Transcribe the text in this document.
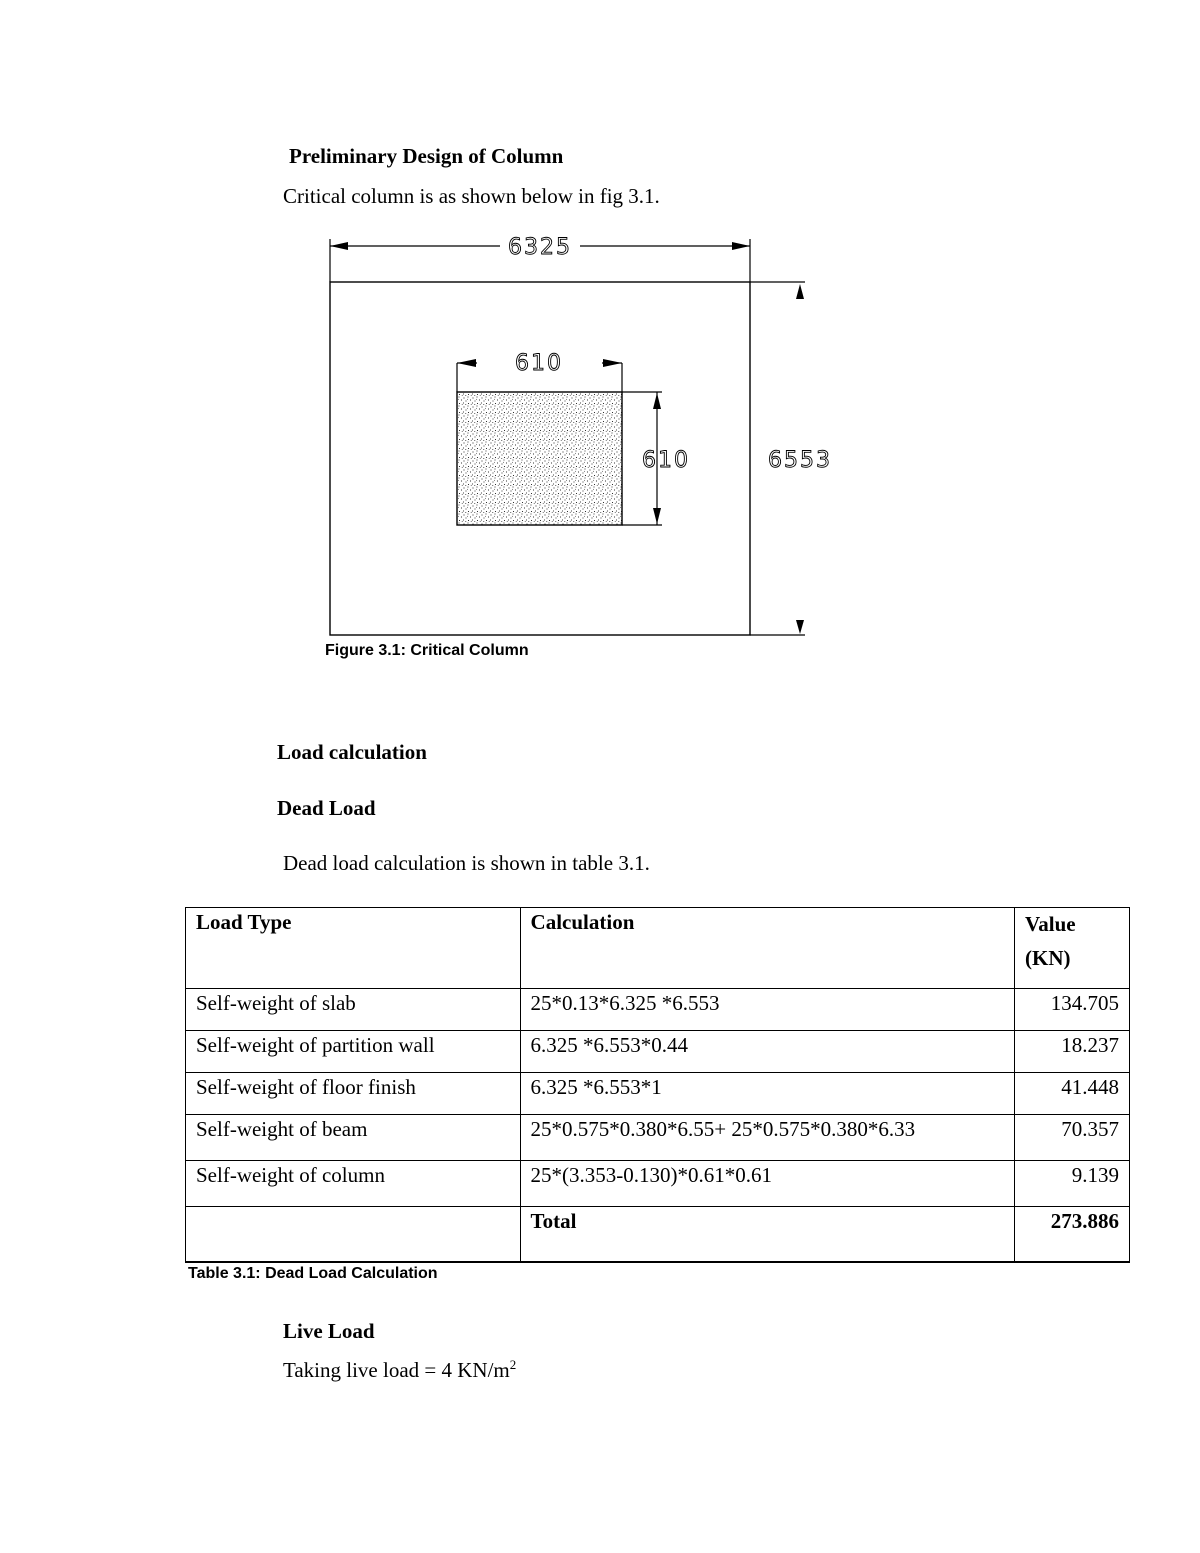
Preliminary Design of Column
Critical column is as shown below in fig 3.1.
6325
6553
610
610
Figure 3.1: Critical Column
Load calculation
Dead Load
Dead load calculation is shown in table 3.1.
Load Type	Calculation	Value
(KN)

Self-weight of slab	25*0.13*6.325 *6.553	134.705
Self-weight of partition wall	6.325 *6.553*0.44	18.237
Self-weight of floor finish	6.325 *6.553*1	41.448
Self-weight of beam	25*0.575*0.380*6.55+ 25*0.575*0.380*6.33	70.357
Self-weight of column	25*(3.353-0.130)*0.61*0.61	9.139
	Total	273.886
Table 3.1: Dead Load Calculation
Live Load
Taking live load = 4 $KN/m^2$
